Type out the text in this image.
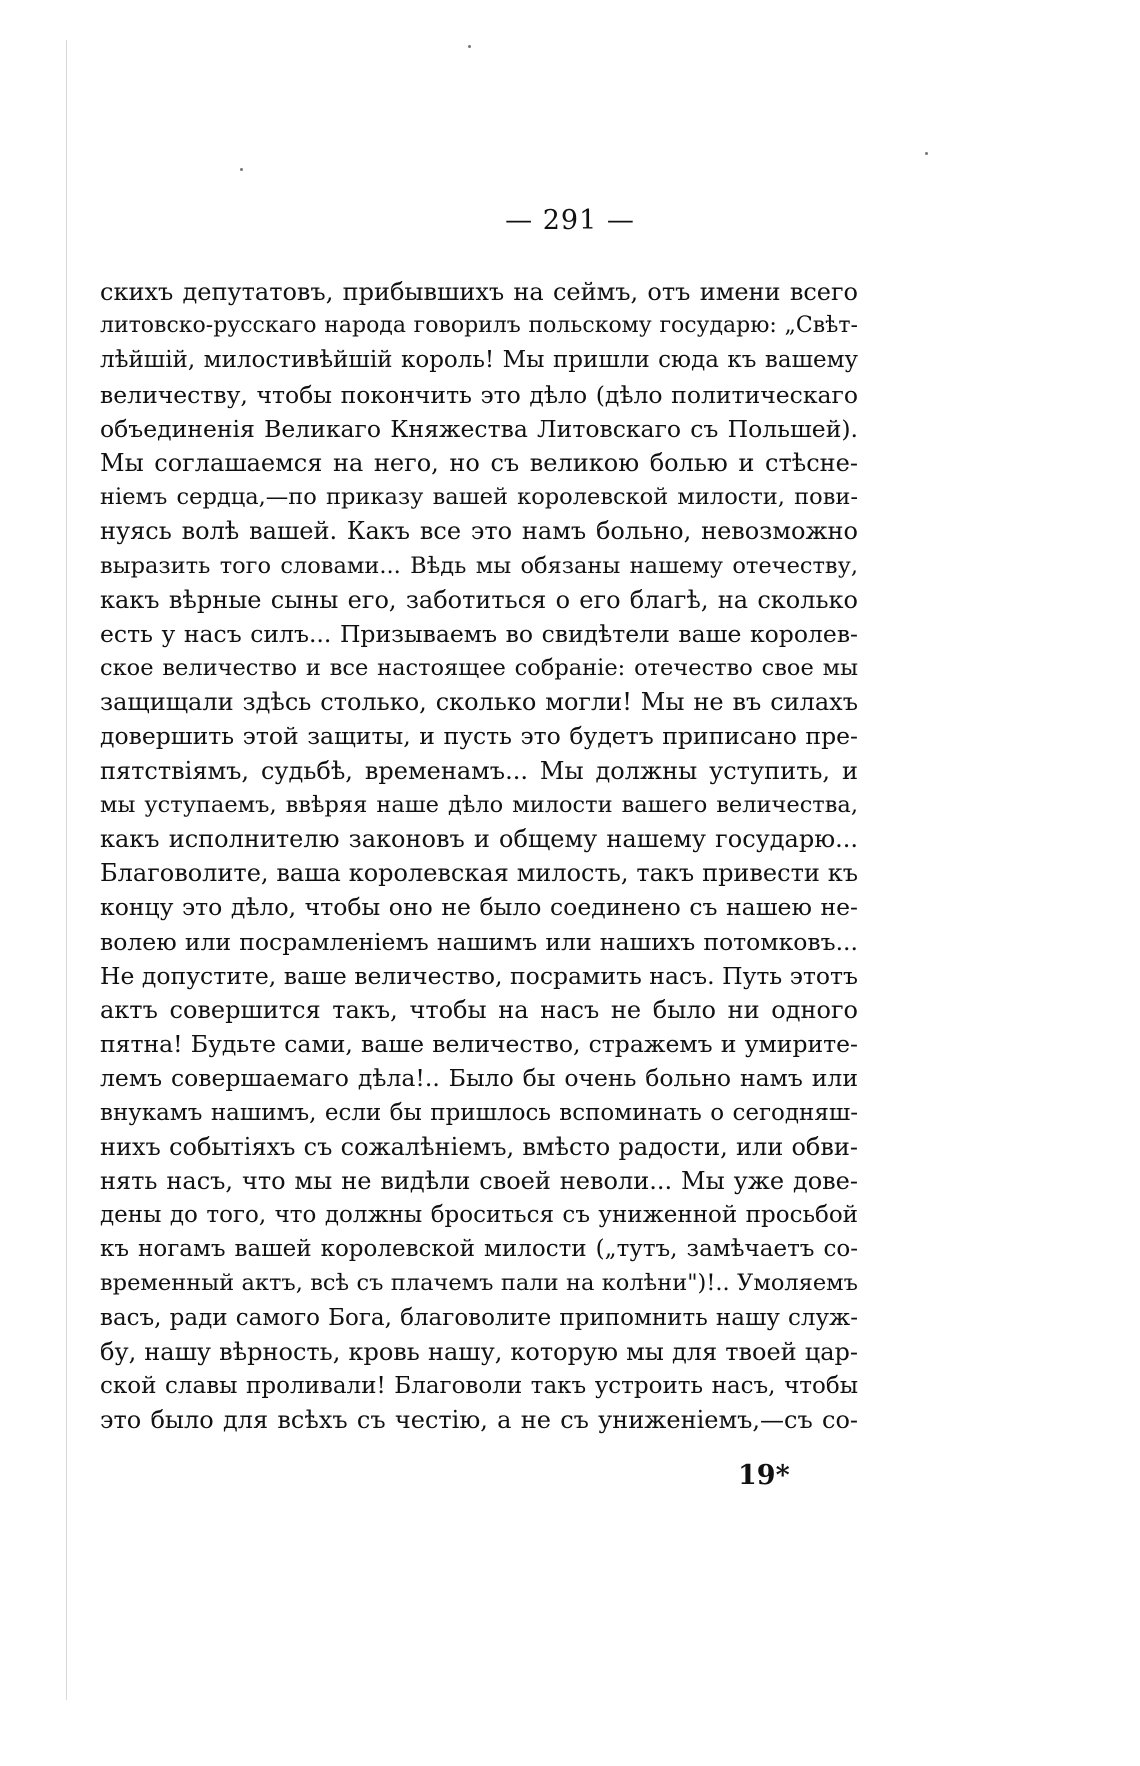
— 291 —
скихъ депутатовъ, прибывшихъ на сеймъ, отъ имени всего
литовско-русскаго народа говорилъ польскому государю: „Свѣт-
лѣйшій, милостивѣйшій король! Мы пришли сюда къ вашему
величеству, чтобы покончить это дѣло (дѣло политическаго
объединенія Великаго Княжества Литовскаго съ Польшей).
Мы соглашаемся на него, но съ великою болью и стѣсне-
ніемъ сердца,—по приказу вашей королевской милости, пови-
нуясь волѣ вашей. Какъ все это намъ больно, невозможно
выразить того словами... Вѣдь мы обязаны нашему отечеству,
какъ вѣрные сыны его, заботиться о его благѣ, на сколько
есть у насъ силъ... Призываемъ во свидѣтели ваше королев-
ское величество и все настоящее собраніе: отечество свое мы
защищали здѣсь столько, сколько могли! Мы не въ силахъ
довершить этой защиты, и пусть это будетъ приписано пре-
пятствіямъ, судьбѣ, временамъ... Мы должны уступить, и
мы уступаемъ, ввѣряя наше дѣло милости вашего величества,
какъ исполнителю законовъ и общему нашему государю...
Благоволите, ваша королевская милость, такъ привести къ
концу это дѣло, чтобы оно не было соединено съ нашею не-
волею или посрамленіемъ нашимъ или нашихъ потомковъ...
Не допустите, ваше величество, посрамить насъ. Путь этотъ
актъ совершится такъ, чтобы на насъ не было ни одного
пятна! Будьте сами, ваше величество, стражемъ и умирите-
лемъ совершаемаго дѣла!.. Было бы очень больно намъ или
внукамъ нашимъ, если бы пришлось вспоминать о сегодняш-
нихъ событіяхъ съ сожалѣніемъ, вмѣсто радости, или обви-
нять насъ, что мы не видѣли своей неволи... Мы уже дове-
дены до того, что должны броситься съ униженной просьбой
къ ногамъ вашей королевской милости („тутъ, замѣчаетъ со-
временный актъ, всѣ съ плачемъ пали на колѣни")!.. Умоляемъ
васъ, ради самого Бога, благоволите припомнить нашу служ-
бу, нашу вѣрность, кровь нашу, которую мы для твоей цар-
ской славы проливали! Благоволи такъ устроить насъ, чтобы
это было для всѣхъ съ честію, а не съ униженіемъ,—съ со-
19*
